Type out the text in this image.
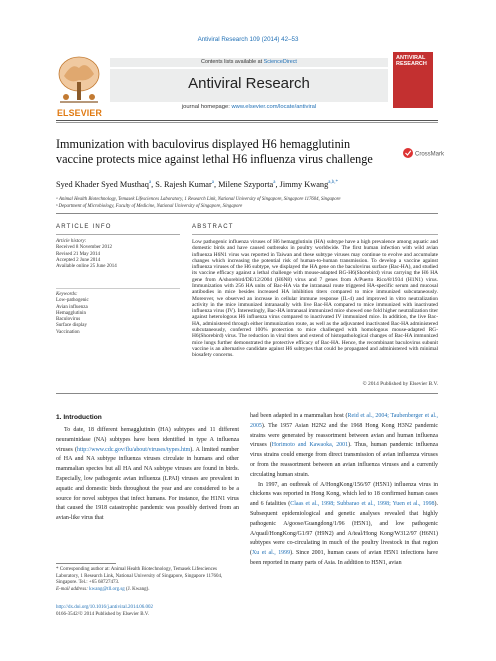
Antiviral Research 109 (2014) 42–53
ELSEVIER
Contents lists available at ScienceDirect
Antiviral Research
journal homepage: www.elsevier.com/locate/antiviral
ANTIVIRAL RESEARCH
Immunization with baculovirus displayed H6 hemagglutinin vaccine protects mice against lethal H6 influenza virus challenge	CrossMark
Syed Khader Syed Musthaq$^a$, S. Rajesh Kumar$^a$, Milene Szyporta$^a$, Jimmy Kwang$^{a,b,*}$
ᵃ Animal Health Biotechnology, Temasek Lifesciences Laboratory, 1 Research Link, National University of Singapore, Singapore 117604, Singapore
ᵇ Department of Microbiology, Faculty of Medicine, National University of Singapore, Singapore
ARTICLE INFO	ABSTRACT
Article history:
Received 8 November 2012
Revised 21 May 2014
Accepted 2 June 2014
Available online 25 June 2014
Keywords:
Low-pathogenic
Avian influenza
Hemagglutinin
Baculovirus
Surface display
Vaccination
Low pathogenic influenza viruses of H6 hemagglutinin (HA) subtype have a high prevalence among aquatic and domestic birds and have caused outbreaks in poultry worldwide. The first human infection with wild avian influenza H6N1 virus was reported in Taiwan and these subtype viruses may continue to evolve and accumulate changes which increasing the potential risk of human-to-human transmission. To develop a vaccine against influenza viruses of the H6 subtype, we displayed the HA gene on the baculovirus surface (Bac-HA), and studied its vaccine efficacy against a lethal challenge with mouse-adapted RG-H6(Shorebird) virus carrying the H6 HA gene from A/shorebird/DE/12/2004 (H6N8) virus and 7 genes from A/Puerto Rico/8/1934 (H1N1) virus. Immunization with 256 HA units of Bac-HA via the intranasal route triggered HA-specific serum and mucosal antibodies in mice besides increased HA inhibition titers compared to mice immunized subcutaneously. Moreover, we observed an increase in cellular immune response (IL-4) and improved in vitro neutralization activity in the mice immunized intranasally with live Bac-HA compared to mice immunized with inactivated influenza virus (IV). Interestingly, Bac-HA intranasal immunized mice showed one fold higher neutralization titer against heterologous H6 influenza virus compared to inactivated IV immunized mice. In addition, the live Bac-HA, administered through either immunization route, as well as the adjuvanted inactivated Bac-HA administered subcutaneously, conferred 100% protection to mice challenged with homologous mouse-adapted RG-H6(Shorebird) virus. The reduction in viral titers and extend of histopathological changes of Bac-HA immunized mice lungs further demonstrated the protective efficacy of Bac-HA. Hence, the recombinant baculovirus subunit vaccine is an alternative candidate against H6 subtypes that could be propagated and administered with minimal biosafety concerns.
© 2014 Published by Elsevier B.V.
1. Introduction
To date, 18 different hemagglutinin (HA) subtypes and 11 different neuraminidase (NA) subtypes have been identified in type A influenza viruses (http://www.cdc.gov/flu/about/viruses/types.htm). A limited number of HA and NA subtype influenza viruses circulate in humans and other mammalian species but all HA and NA subtype viruses are found in birds. Especially, low pathogenic avian influenza (LPAI) viruses are prevalent in aquatic and domestic birds throughout the year and are considered to be a source for novel subtypes that infect humans. For instance, the H1N1 virus that caused the 1918 catastrophic pandemic was possibly derived from an avian-like virus that
had been adapted in a mammalian host (Reid et al., 2004; Taubenberger et al., 2005). The 1957 Asian H2N2 and the 1968 Hong Kong H3N2 pandemic strains were generated by reassortment between avian and human influenza viruses (Horimoto and Kawaoka, 2001). Thus, human pandemic influenza virus strains could emerge from direct transmission of avian influenza viruses or from the reassortment between an avian influenza viruses and a currently circulating human strain.
In 1997, an outbreak of A/HongKong/156/97 (H5N1) influenza virus in chickens was reported in Hong Kong, which led to 18 confirmed human cases and 6 fatalities (Claas et al., 1998; Subbarao et al., 1998; Yuen et al., 1998). Subsequent epidemiological and genetic analyses revealed that highly pathogenic A/goose/Guangdong/1/96 (H5N1), and low pathogenic A/quail/HongKong/G1/97 (H9N2) and A/teal/Hong Kong/W312/97 (H6N1) subtypes were co-circulating in much of the poultry livestock in that region (Xu et al., 1999). Since 2001, human cases of avian H5N1 infections have been reported in many parts of Asia. In addition to H5N1, avian
* Corresponding author at: Animal Health Biotechnology, Temasek Lifesciences Laboratory, 1 Research Link, National University of Singapore, Singapore 117604, Singapore. Tel.: +65 68727473.
E-mail address: kwang@tll.org.sg (J. Kwang).
http://dx.doi.org/10.1016/j.antiviral.2014.06.002
0166-3542/© 2014 Published by Elsevier B.V.
